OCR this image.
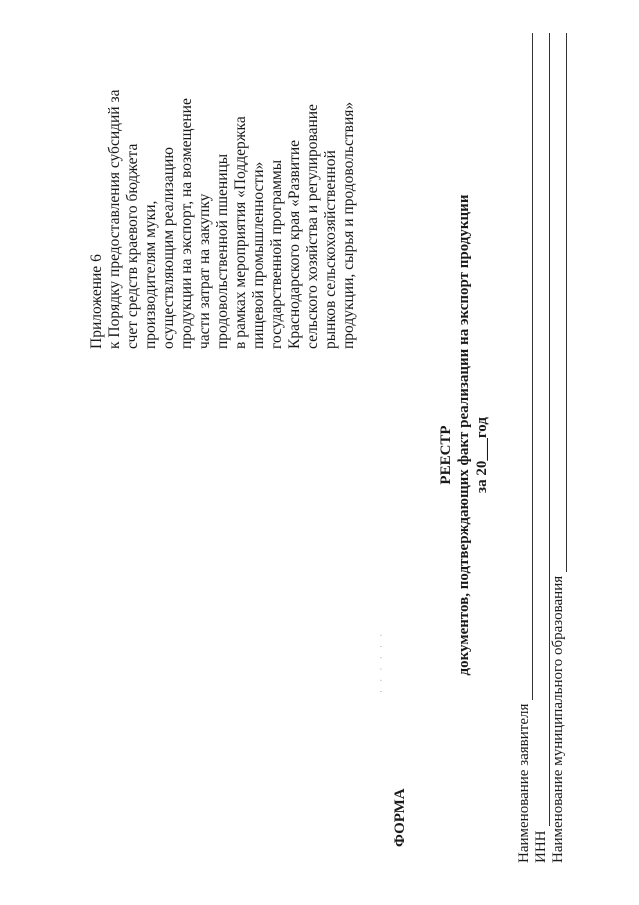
Приложение 6 к Порядку предоставления субсидий за счет средств краевого бюджета производителям муки, осуществляющим реализацию продукции на экспорт, на возмещение части затрат на закупку продовольственной пшеницы в рамках мероприятия «Поддержка пищевой промышленности» государственной программы Краснодарского края «Развитие сельского хозяйства и регулирование рынков сельскохозяйственной продукции, сырья и продовольствия»
· · · · · ·
ФОРМА
РЕЕСТР документов, подтверждающих факт реализации на экспорт продукции за 20___год
Наименование заявителя ИНН Наименование муниципального образования
